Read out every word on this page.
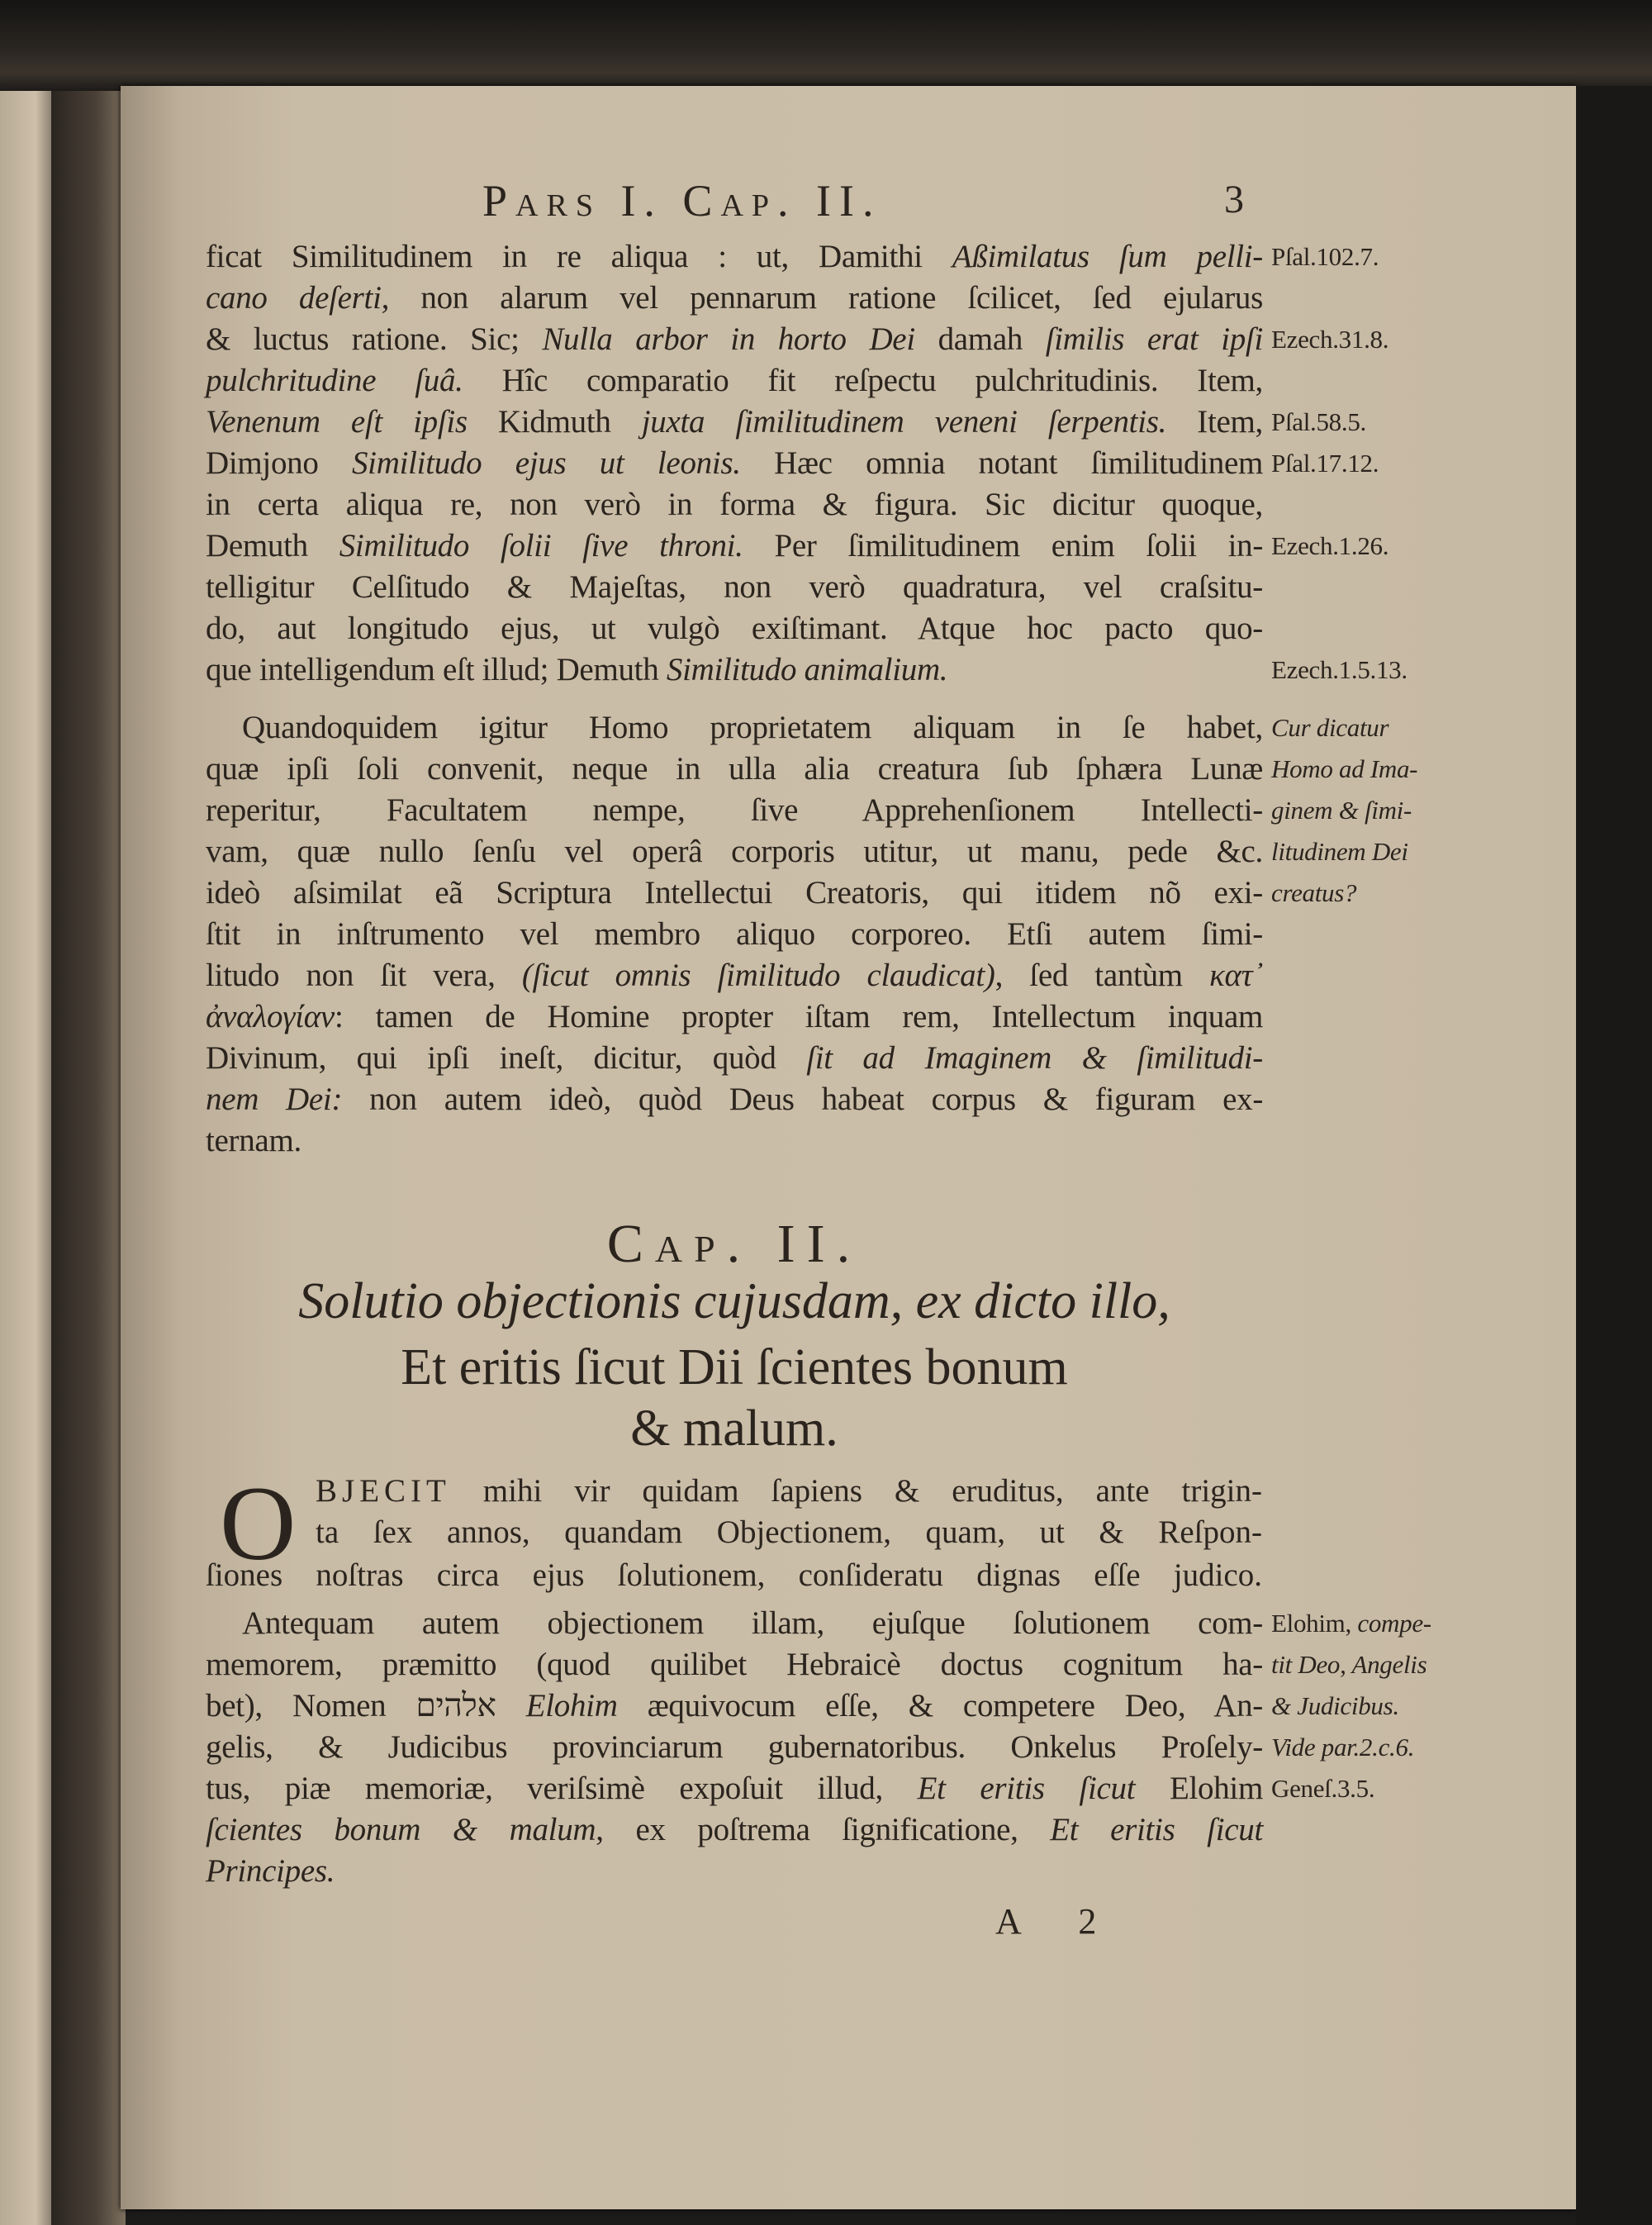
Pars I. Cap. II.	3
ficat Similitudinem in re aliqua : ut, Damithi Aßimilatus ſum pelli- Pſal.102.7.
cano deſerti, non alarum vel pennarum ratione ſcilicet, ſed ejularus
& luctus ratione. Sic; Nulla arbor in horto Dei damah ſimilis erat ipſi Ezech.31.8.
pulchritudine ſuâ. Hîc comparatio fit reſpectu pulchritudinis. Item,
Venenum eſt ipſis Kidmuth juxta ſimilitudinem veneni ſerpentis. Item, Pſal.58.5.
Dimjono Similitudo ejus ut leonis. Hæc omnia notant ſimilitudinem Pſal.17.12.
in certa aliqua re, non verò in forma & figura. Sic dicitur quoque,
Demuth Similitudo ſolii ſive throni. Per ſimilitudinem enim ſolii in- Ezech.1.26.
telligitur Celſitudo & Majeſtas, non verò quadratura, vel craſsitu-
do, aut longitudo ejus, ut vulgò exiſtimant. Atque hoc pacto quo-
que intelligendum eſt illud; Demuth Similitudo animalium.	Ezech.1.5.13.
Quandoquidem igitur Homo proprietatem aliquam in ſe habet, Cur dicatur
quæ ipſi ſoli convenit, neque in ulla alia creatura ſub ſphæra Lunæ Homo ad Ima-
reperitur, Facultatem nempe, ſive Apprehenſionem Intellecti- ginem & ſimi-
vam, quæ nullo ſenſu vel operâ corporis utitur, ut manu, pede &c. litudinem Dei
ideò aſsimilat eã Scriptura Intellectui Creatoris, qui itidem nõ exi- creatus?
ſtit in inſtrumento vel membro aliquo corporeo. Etſi autem ſimi-
litudo non ſit vera, (ſicut omnis ſimilitudo claudicat), ſed tantùm κατ᾽
ἀναλογίαν: tamen de Homine propter iſtam rem, Intellectum inquam
Divinum, qui ipſi ineſt, dicitur, quòd ſit ad Imaginem & ſimilitudi-
nem Dei: non autem ideò, quòd Deus habeat corpus & figuram ex-
ternam.
Cap. II.
Solutio objectionis cujusdam, ex dicto illo,
Et eritis ſicut Dii ſcientes bonum
& malum.
O BJECIT mihi vir quidam ſapiens & eruditus, ante trigin-
ta ſex annos, quandam Objectionem, quam, ut & Reſpon-
ſiones noſtras circa ejus ſolutionem, conſideratu dignas eſſe judico.
Antequam autem objectionem illam, ejuſque ſolutionem com- Elohim, compe-
memorem, præmitto (quod quilibet Hebraicè doctus cognitum ha- tit Deo, Angelis
bet), Nomen אלהים Elohim æquivocum eſſe, & competere Deo, An- & Judicibus.
gelis, & Judicibus provinciarum gubernatoribus. Onkelus Proſely- Vide par.2.c.6.
tus, piæ memoriæ, veriſsimè expoſuit illud, Et eritis ſicut Elohim Geneſ.3.5.
ſcientes bonum & malum, ex poſtrema ſignificatione, Et eritis ſicut
Principes.
A 2
